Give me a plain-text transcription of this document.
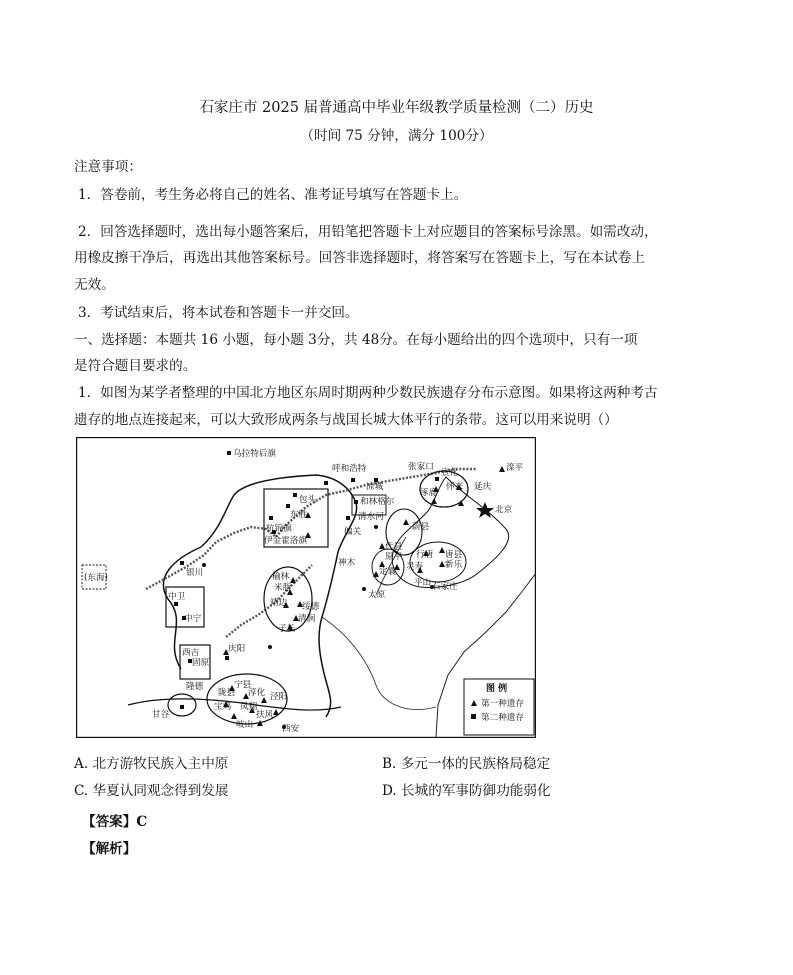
石家庄市 2025 届普通高中毕业年级教学质量检测（二）历史
（时间 75 分钟，满分 100分）
注意事项：
1．答卷前，考生务必将自己的姓名、准考证号填写在答题卡上。
2．回答选择题时，选出每小题答案后，用铅笔把答题卡上对应题目的答案标号涂黑。如需改动，
用橡皮擦干净后，再选出其他答案标号。回答非选择题时，将答案写在答题卡上，写在本试卷上
无效。
3．考试结束后，将本试卷和答题卡一并交回。
一、选择题：本题共 16 小题，每小题 3分，共 48分。在每小题给出的四个选项中，只有一项
是符合题目要求的。
1．如图为某学者整理的中国北方地区东周时期两种少数民族遗存分布示意图。如果将这两种考古
遗存的地点连接起来，可以大致形成两条与战国长城大体平行的条带。这可以用来说明（）
乌拉特后旗
呼和浩特
凉城
张家口
宣化
怀来
涿鹿
延庆
滦平
北京
包头
东胜
杭锦旗
伊金霍洛旗
和林格尔
清水河
偏关	蔚县
神木
代县
原平 行唐 唐县
新乐
灵寿
定襄
平山 石家庄
太原
银川	榆林
米脂
靖边 绥德
清涧
子长
中卫
中宁
西吉
固原
隆德
庆阳
宁县
陇县
凤翔
宝鸡
岐山
扶风
淳化 泾阳
西安
甘谷
(东海)
图 例
第一种遗存
第二种遗存
A. 北方游牧民族入主中原	B. 多元一体的民族格局稳定
C. 华夏认同观念得到发展	D. 长城的军事防御功能弱化
【答案】C
【解析】
